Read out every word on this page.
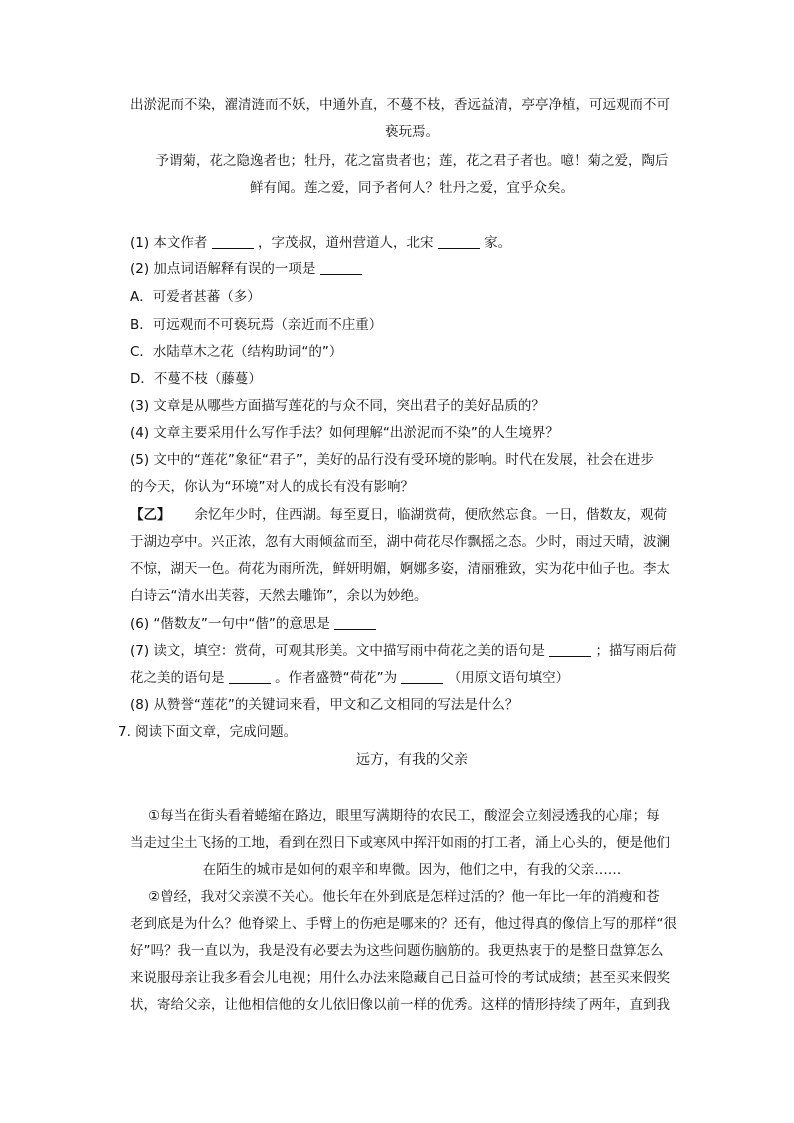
出淤泥而不染，濯清涟而不妖，中通外直，不蔓不枝，香远益清，亭亭净植，可远观而不可
亵玩焉。
予谓菊，花之隐逸者也；牡丹，花之富贵者也；莲，花之君子者也。噫！菊之爱，陶后
鲜有闻。莲之爱，同予者何人？牡丹之爱，宜乎众矣。
(1) 本文作者	，字茂叔，道州营道人，北宋	家。
(2) 加点词语解释有误的一项是
A．可爱者甚蕃（多）
B．可远观而不可亵玩焉（亲近而不庄重）
C．水陆草木之花（结构助词“的”）
D．不蔓不枝（藤蔓）
(3) 文章是从哪些方面描写莲花的与众不同，突出君子的美好品质的？
(4) 文章主要采用什么写作手法？如何理解“出淤泥而不染”的人生境界？
(5) 文中的“莲花”象征“君子”，美好的品行没有受环境的影响。时代在发展，社会在进步
的今天，你认为“环境”对人的成长有没有影响？
【乙】 余忆年少时，住西湖。每至夏日，临湖赏荷，便欣然忘食。一日，偕数友，观荷
于湖边亭中。兴正浓，忽有大雨倾盆而至，湖中荷花尽作飘摇之态。少时，雨过天晴，波澜
不惊，湖天一色。荷花为雨所洗，鲜妍明媚，婀娜多姿，清丽雅致，实为花中仙子也。李太
白诗云“清水出芙蓉，天然去雕饰”，余以为妙绝。
(6) “偕数友”一句中“偕”的意思是
(7) 读文，填空：赏荷，可观其形美。文中描写雨中荷花之美的语句是	；描写雨后荷
花之美的语句是	。作者盛赞“荷花”为	（用原文语句填空）
(8) 从赞誉“莲花”的关键词来看，甲文和乙文相同的写法是什么？
7. 阅读下面文章，完成问题。
远方，有我的父亲
①每当在街头看着蜷缩在路边，眼里写满期待的农民工，酸涩会立刻浸透我的心扉；每
当走过尘土飞扬的工地，看到在烈日下或寒风中挥汗如雨的打工者，涌上心头的，便是他们
在陌生的城市是如何的艰辛和卑微。因为，他们之中，有我的父亲……
②曾经，我对父亲漠不关心。他长年在外到底是怎样过活的？他一年比一年的消瘦和苍
老到底是为什么？他脊梁上、手臂上的伤疤是哪来的？还有，他过得真的像信上写的那样“很
好”吗？我一直以为，我是没有必要去为这些问题伤脑筋的。我更热衷于的是整日盘算怎么
来说服母亲让我多看会儿电视；用什么办法来隐藏自己日益可怜的考试成绩；甚至买来假奖
状，寄给父亲，让他相信他的女儿依旧像以前一样的优秀。这样的情形持续了两年，直到我
